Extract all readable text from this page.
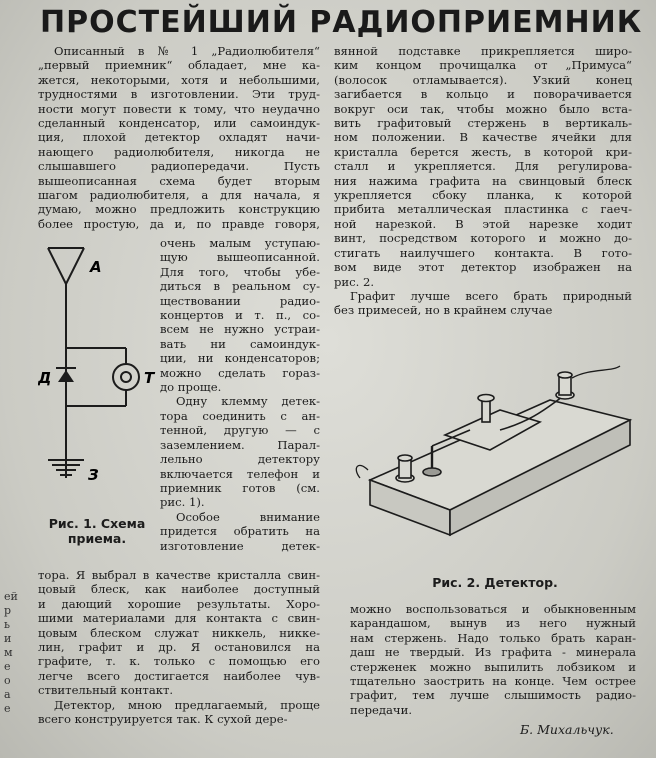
ПРОСТЕЙШИЙ РАДИОПРИЕМНИК
Описанный в № 1 „Радиолюбителя“
„первый приемник“ обладает, мне ка-
жется, некоторыми, хотя и небольшими,
трудностями в изготовлении. Эти труд-
ности могут повести к тому, что неудачно
сделанный конденсатор, или самоиндук-
ция, плохой детектор охладят начи-
нающего радиолюбителя, никогда не
слышавшего радиопередачи. Пусть
вышеописанная схема будет вторым
шагом радиолюбителя, а для начала, я
думаю, можно предложить конструкцию
более простую, да и, по правде говоря,
А
Д	Т
З
очень малым уступаю-
щую вышеописанной.
Для того, чтобы убе-
диться в реальном су-
ществовании радио-
концертов и т. п., со-
всем не нужно устраи-
вать ни самоиндук-
ции, ни конденсаторов;
можно сделать гораз-
до проще.
Одну клемму детек-
тора соединить с ан-
тенной, другую — с
заземлением. Парал-
лельно детектору
включается телефон и
приемник готов (см.
рис. 1).
Особое внимание
придется обратить на
изготовление детек-
Рис. 1. Схема приема.
тора. Я выбрал в качестве кристалла свин-
цовый блеск, как наиболее доступный
и дающий хорошие результаты. Хоро-
шими материалами для контакта с свин-
цовым блеском служат никкель, никке-
лин, графит и др. Я остановился на
графите, т. к. только с помощью его
легче всего достигается наиболее чув-
ствительный контакт.
Детектор, мною предлагаемый, проще
всего конструируется так. К сухой дере-
вянной подставке прикрепляется широ-
ким концом прочищалка от „Примуса“
(волосок отламывается). Узкий конец
загибается в кольцо и поворачивается
вокруг оси так, чтобы можно было вста-
вить графитовый стержень в вертикаль-
ном положении. В качестве ячейки для
кристалла берется жесть, в которой кри-
сталл и укрепляется. Для регулирова-
ния нажима графита на свинцовый блеск
укрепляется сбоку планка, к которой
прибита металлическая пластинка с гаеч-
ной нарезкой. В этой нарезке ходит
винт, посредством которого и можно до-
стигать наилучшего контакта. В гото-
вом виде этот детектор изображен на
рис. 2.
Графит лучше всего брать природный
без примесей, но в крайнем случае
Рис. 2. Детектор.
можно воспользоваться и обыкновенным
карандашом, вынув из него нужный
нам стержень. Надо только брать каран-
даш не твердый. Из графита - минерала
стерженек можно выпилить лобзиком и
тщательно заострить на конце. Чем острее
графит, тем лучше слышимость радио-
передачи.
Б. Михальчук.
ей
р
ь
и
м
е
о
а
е
